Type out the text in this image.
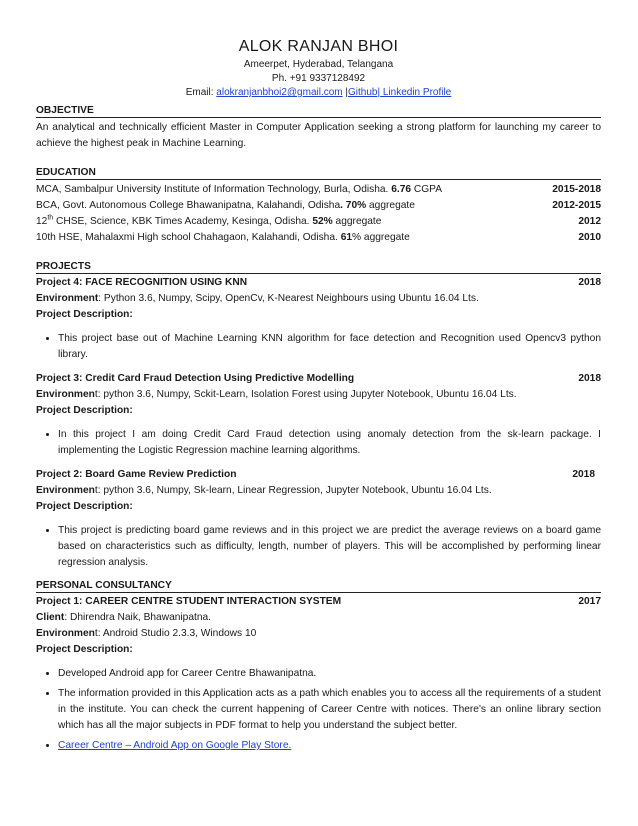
ALOK RANJAN BHOI
Ameerpet, Hyderabad, Telangana
Ph. +91 9337128492
Email: alokranjanbhoi2@gmail.com |Github| Linkedin Profile
OBJECTIVE
An analytical and technically efficient Master in Computer Application seeking a strong platform for launching my career to achieve the highest peak in Machine Learning.
EDUCATION
MCA, Sambalpur University Institute of Information Technology, Burla, Odisha. 6.76 CGPA	2015-2018
BCA, Govt. Autonomous College Bhawanipatna, Kalahandi, Odisha. 70% aggregate	2012-2015
12th CHSE, Science, KBK Times Academy, Kesinga, Odisha. 52% aggregate	2012
10th HSE, Mahalaxmi High school Chahagaon, Kalahandi, Odisha. 61% aggregate	2010
PROJECTS
Project 4: FACE RECOGNITION USING KNN	2018
Environment: Python 3.6, Numpy, Scipy, OpenCv, K-Nearest Neighbours using Ubuntu 16.04 Lts.
Project Description:
• This project base out of Machine Learning KNN algorithm for face detection and Recognition used Opencv3 python library.
Project 3: Credit Card Fraud Detection Using Predictive Modelling	2018
Environment: python 3.6, Numpy, Sckit-Learn, Isolation Forest using Jupyter Notebook, Ubuntu 16.04 Lts.
Project Description:
• In this project I am doing Credit Card Fraud detection using anomaly detection from the sk-learn package. I implementing the Logistic Regression machine learning algorithms.
Project 2: Board Game Review Prediction	2018
Environment: python 3.6, Numpy, Sk-learn, Linear Regression, Jupyter Notebook, Ubuntu 16.04 Lts.
Project Description:
• This project is predicting board game reviews and in this project we are predict the average reviews on a board game based on characteristics such as difficulty, length, number of players. This will be accomplished by performing linear regression analysis.
PERSONAL CONSULTANCY
Project 1: CAREER CENTRE STUDENT INTERACTION SYSTEM	2017
Client: Dhirendra Naik, Bhawanipatna.
Environment: Android Studio 2.3.3, Windows 10
Project Description:
• Developed Android app for Career Centre Bhawanipatna.
• The information provided in this Application acts as a path which enables you to access all the requirements of a student in the institute. You can check the current happening of Career Centre with notices. There's an online library section which has all the major subjects in PDF format to help you understand the subject better.
• Career Centre – Android App on Google Play Store.
